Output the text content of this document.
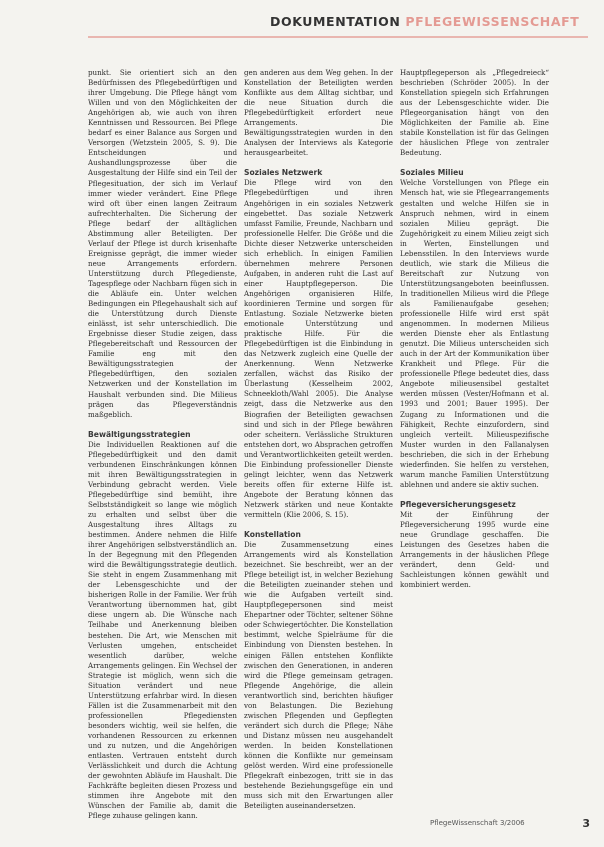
DOKUMENTATION PFLEGEWISSENSCHAFT

punkt. Sie orientiert sich an den Bedürfnissen des Pflegebedürftigen und ihrer Umgebung. Die Pflege hängt vom Willen und von den Möglichkeiten der Angehörigen ab, wie auch von ihren Kenntnissen und Ressourcen. Bei Pflege bedarf es einer Balance aus Sorgen und Versorgen (Wetzstein 2005, S. 9). Die Entscheidungen und Aushandlungsprozesse über die Ausgestaltung der Hilfe sind ein Teil der Pflegesituation, der sich im Verlauf immer wieder verändert. Eine Pflege wird oft über einen langen Zeitraum aufrechterhalten. Die Sicherung der Pflege bedarf der alltäglichen Abstimmung aller Beteiligten. Der Verlauf der Pflege ist durch krisenhafte Ereignisse geprägt, die immer wieder neue Arrangements erfordern. Unterstützung durch Pflegedienste, Tagespflege oder Nachbarn fügen sich in die Abläufe ein. Unter welchen Bedingungen ein Pflegehaushalt sich auf die Unterstützung durch Dienste einlässt, ist sehr unterschiedlich. Die Ergebnisse dieser Studie zeigen, dass Pflegebereitschaft und Ressourcen der Familie eng mit den Bewältigungsstrategien der Pflegebedürftigen, den sozialen Netzwerken und der Konstellation im Haushalt verbunden sind. Die Milieus prägen das Pflegeverständnis maßgeblich.

Bewältigungsstrategien

Die Individuellen Reaktionen auf die Pflegebedürftigkeit und den damit verbundenen Einschränkungen können mit ihren Bewältigungsstrategien in Verbindung gebracht werden. Viele Pflegebedürftige sind bemüht, ihre Selbstständigkeit so lange wie möglich zu erhalten und selbst über die Ausgestaltung ihres Alltags zu bestimmen. Andere nehmen die Hilfe ihrer Angehörigen selbstverständlich an. In der Begegnung mit den Pflegenden wird die Bewältigungsstrategie deutlich. Sie steht in engem Zusammenhang mit der Lebensgeschichte und der bisherigen Rolle in der Familie. Wer früh Verantwortung übernommen hat, gibt diese ungern ab. Die Wünsche nach Teilhabe und Anerkennung bleiben bestehen. Die Art, wie Menschen mit Verlusten umgehen, entscheidet wesentlich darüber, welche Arrangements gelingen. Ein Wechsel der Strategie ist möglich, wenn sich die Situation verändert und neue Unterstützung erfahrbar wird. In diesen Fällen ist die Zusammenarbeit mit den professionellen Pflegediensten besonders wichtig, weil sie helfen, die vorhandenen Ressourcen zu erkennen und zu nutzen, und die Angehörigen entlasten. Vertrauen entsteht durch Verlässlichkeit und durch die Achtung der gewohnten Abläufe im Haushalt. Die Fachkräfte begleiten diesen Prozess und stimmen ihre Angebote mit den Wünschen der Familie ab, damit die Pflege zuhause gelingen kann.

gen anderen aus dem Weg gehen. In der Konstellation der Beteiligten werden Konflikte aus dem Alltag sichtbar, und die neue Situation durch die Pflegebedürftigkeit erfordert neue Arrangements. Die Bewältigungsstrategien wurden in den Analysen der Interviews als Kategorie herausgearbeitet.

Soziales Netzwerk

Die Pflege wird von den Pflegebedürftigen und ihren Angehörigen in ein soziales Netzwerk eingebettet. Das soziale Netzwerk umfasst Familie, Freunde, Nachbarn und professionelle Helfer. Die Größe und die Dichte dieser Netzwerke unterscheiden sich erheblich. In einigen Familien übernehmen mehrere Personen Aufgaben, in anderen ruht die Last auf einer Hauptpflegeperson. Die Angehörigen organisieren Hilfe, koordinieren Termine und sorgen für Entlastung. Soziale Netzwerke bieten emotionale Unterstützung und praktische Hilfe. Für die Pflegebedürftigen ist die Einbindung in das Netzwerk zugleich eine Quelle der Anerkennung. Wenn Netzwerke zerfallen, wächst das Risiko der Überlastung (Kesselheim 2002, Schneekloth/Wahl 2005). Die Analyse zeigt, dass die Netzwerke aus den Biografien der Beteiligten gewachsen sind und sich in der Pflege bewähren oder scheitern. Verlässliche Strukturen entstehen dort, wo Absprachen getroffen und Verantwortlichkeiten geteilt werden. Die Einbindung professioneller Dienste gelingt leichter, wenn das Netzwerk bereits offen für externe Hilfe ist. Angebote der Beratung können das Netzwerk stärken und neue Kontakte vermitteln (Klie 2006, S. 15).

Konstellation

Die Zusammensetzung eines Arrangements wird als Konstellation bezeichnet. Sie beschreibt, wer an der Pflege beteiligt ist, in welcher Beziehung die Beteiligten zueinander stehen und wie die Aufgaben verteilt sind. Hauptpflegepersonen sind meist Ehepartner oder Töchter, seltener Söhne oder Schwiegertöchter. Die Konstellation bestimmt, welche Spielräume für die Einbindung von Diensten bestehen. In einigen Fällen entstehen Konflikte zwischen den Generationen, in anderen wird die Pflege gemeinsam getragen. Pflegende Angehörige, die allein verantwortlich sind, berichten häufiger von Belastungen. Die Beziehung zwischen Pflegenden und Gepflegten verändert sich durch die Pflege; Nähe und Distanz müssen neu ausgehandelt werden. In beiden Konstellationen können die Konflikte nur gemeinsam gelöst werden. Wird eine professionelle Pflegekraft einbezogen, tritt sie in das bestehende Beziehungsgefüge ein und muss sich mit den Erwartungen aller Beteiligten auseinandersetzen.

Hauptpflegeperson als „Pflegedreieck“ beschrieben (Schröder 2005). In der Konstellation spiegeln sich Erfahrungen aus der Lebensgeschichte wider. Die Pflegeorganisation hängt von den Möglichkeiten der Familie ab. Eine stabile Konstellation ist für das Gelingen der häuslichen Pflege von zentraler Bedeutung.

Soziales Milieu

Welche Vorstellungen von Pflege ein Mensch hat, wie sie Pflegearrangements gestalten und welche Hilfen sie in Anspruch nehmen, wird in einem sozialen Milieu geprägt. Die Zugehörigkeit zu einem Milieu zeigt sich in Werten, Einstellungen und Lebensstilen. In den Interviews wurde deutlich, wie stark die Milieus die Bereitschaft zur Nutzung von Unterstützungsangeboten beeinflussen. In traditionellen Milieus wird die Pflege als Familienaufgabe gesehen; professionelle Hilfe wird erst spät angenommen. In modernen Milieus werden Dienste eher als Entlastung genutzt. Die Milieus unterscheiden sich auch in der Art der Kommunikation über Krankheit und Pflege. Für die professionelle Pflege bedeutet dies, dass Angebote milieusensibel gestaltet werden müssen (Vester/Hofmann et al. 1993 und 2001; Bauer 1995). Der Zugang zu Informationen und die Fähigkeit, Rechte einzufordern, sind ungleich verteilt. Milieuspezifische Muster wurden in den Fallanalysen beschrieben, die sich in der Erhebung wiederfinden. Sie helfen zu verstehen, warum manche Familien Unterstützung ablehnen und andere sie aktiv suchen.

Pflegeversicherungsgesetz

Mit der Einführung der Pflegeversicherung 1995 wurde eine neue Grundlage geschaffen. Die Leistungen des Gesetzes haben die Arrangements in der häuslichen Pflege verändert, denn Geld- und Sachleistungen können gewählt und kombiniert werden.

PflegeWissenschaft 3/2006	3
